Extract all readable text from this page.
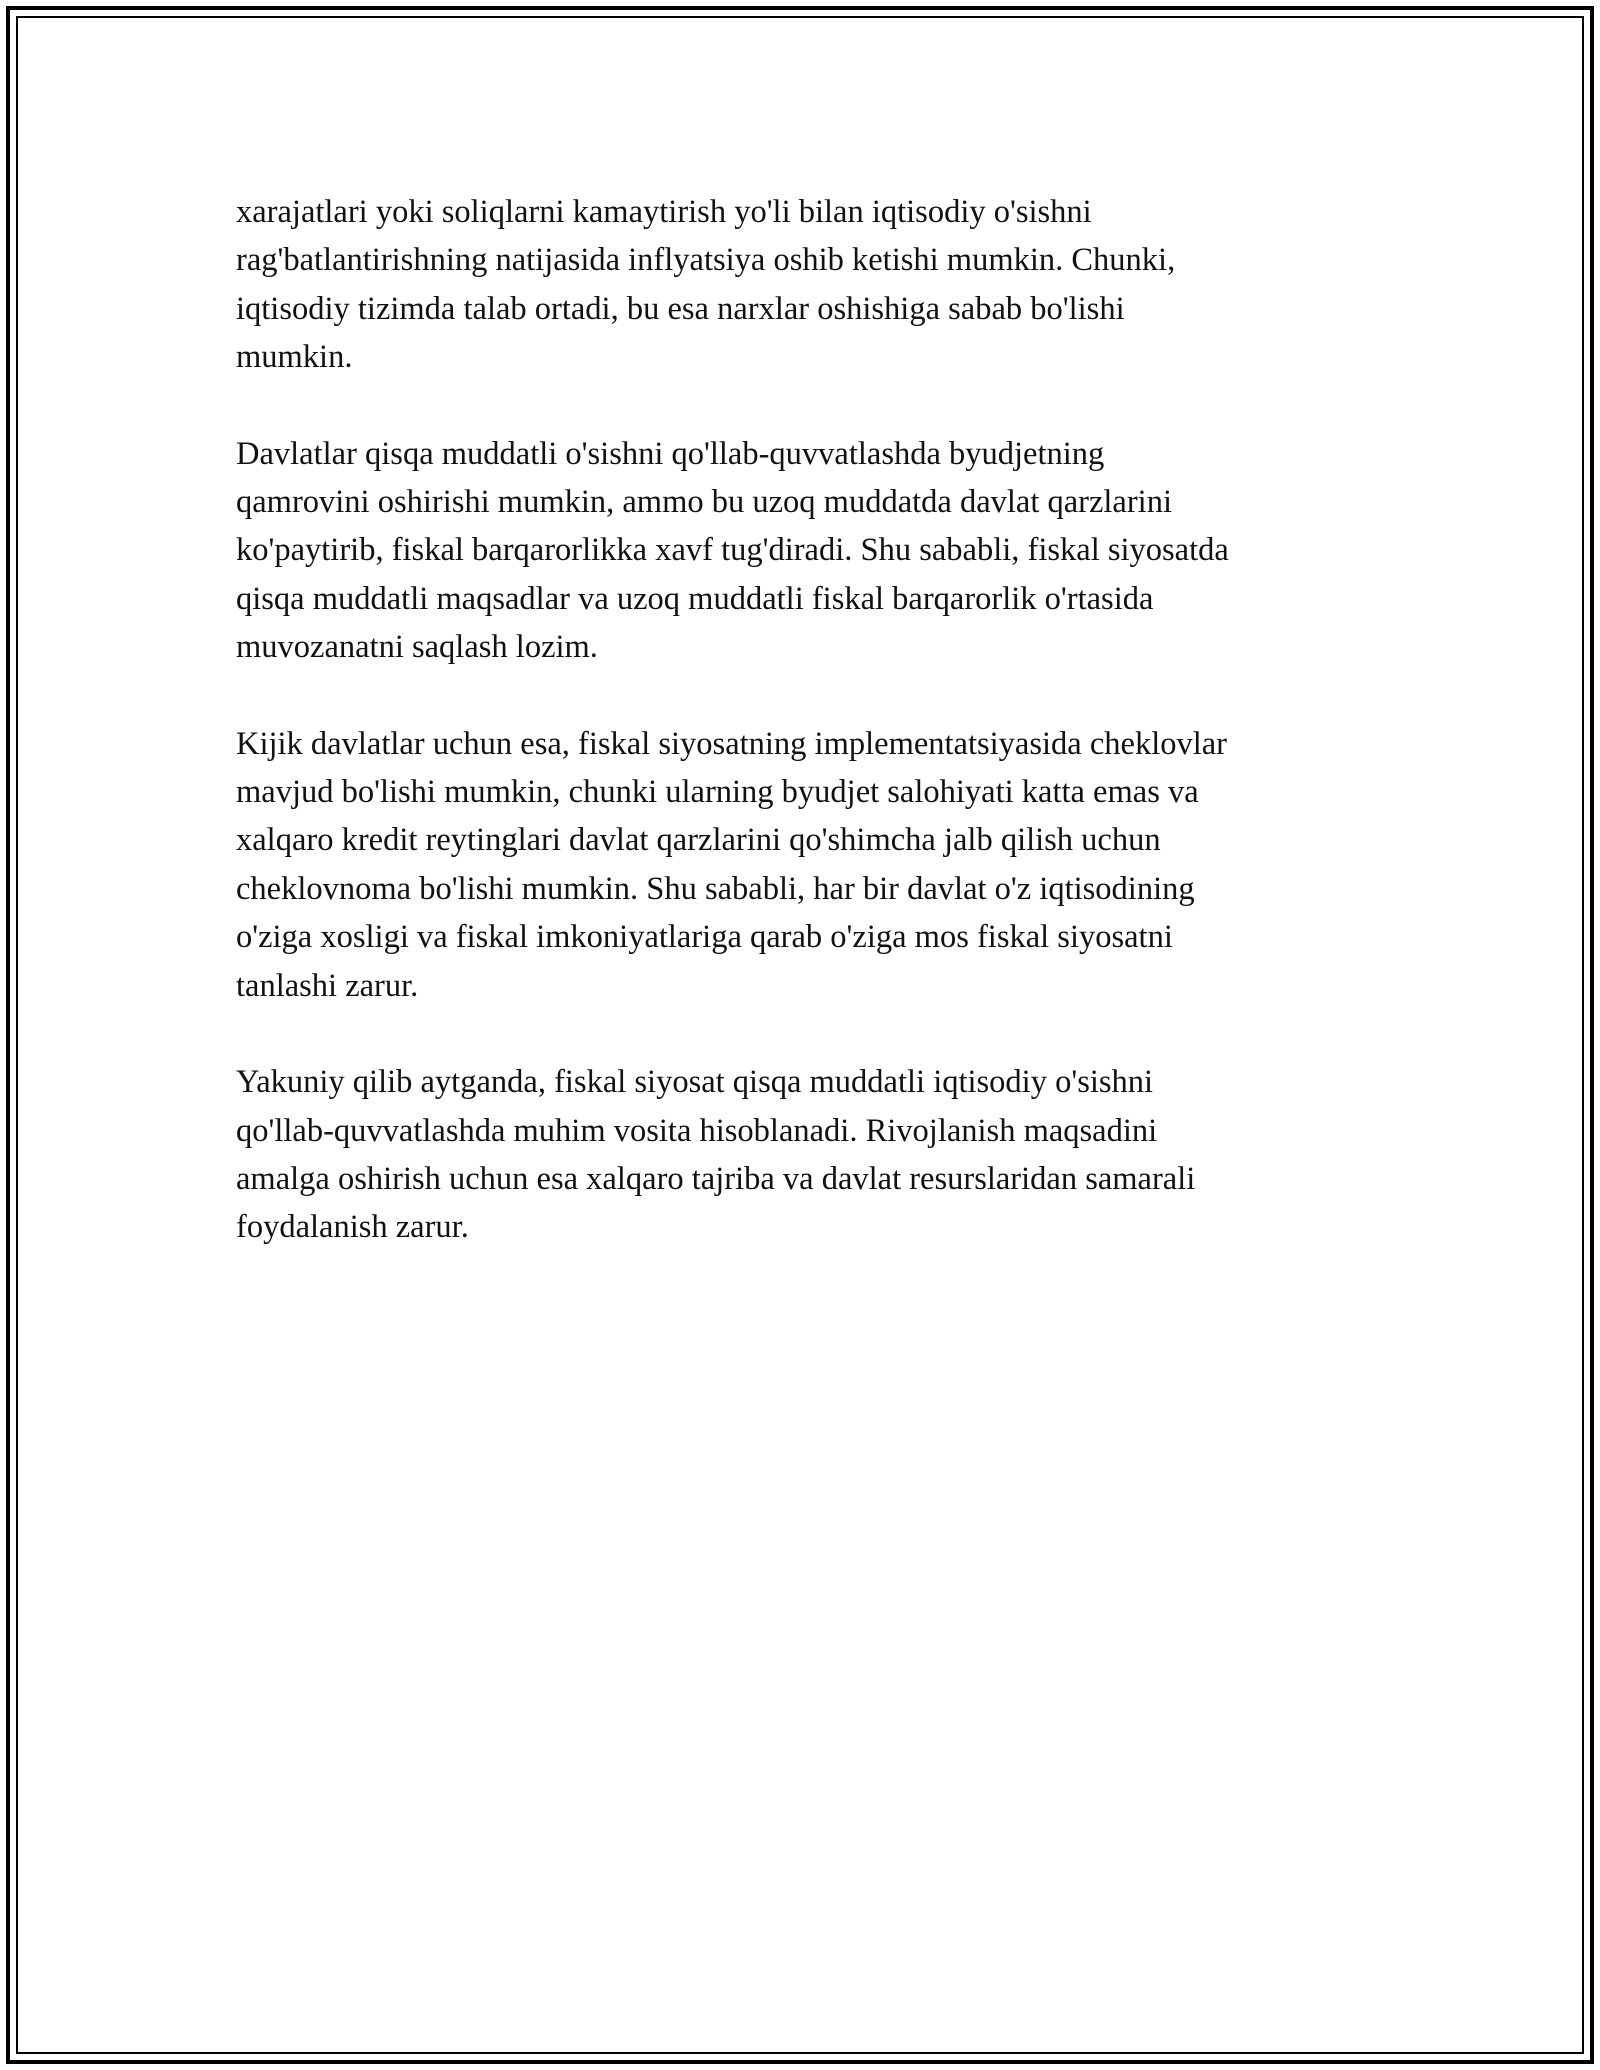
xarajatlari yoki soliqlarni kamaytirish yo'li bilan iqtisodiy o'sishni
rag'batlantirishning natijasida inflyatsiya oshib ketishi mumkin. Chunki,
iqtisodiy tizimda talab ortadi, bu esa narxlar oshishiga sabab bo'lishi
mumkin.

Davlatlar qisqa muddatli o'sishni qo'llab-quvvatlashda byudjetning
qamrovini oshirishi mumkin, ammo bu uzoq muddatda davlat qarzlarini
ko'paytirib, fiskal barqarorlikka xavf tug'diradi. Shu sababli, fiskal siyosatda
qisqa muddatli maqsadlar va uzoq muddatli fiskal barqarorlik o'rtasida
muvozanatni saqlash lozim.

Kijik davlatlar uchun esa, fiskal siyosatning implementatsiyasida cheklovlar
mavjud bo'lishi mumkin, chunki ularning byudjet salohiyati katta emas va
xalqaro kredit reytinglari davlat qarzlarini qo'shimcha jalb qilish uchun
cheklovnoma bo'lishi mumkin. Shu sababli, har bir davlat o'z iqtisodining
o'ziga xosligi va fiskal imkoniyatlariga qarab o'ziga mos fiskal siyosatni
tanlashi zarur.

Yakuniy qilib aytganda, fiskal siyosat qisqa muddatli iqtisodiy o'sishni
qo'llab-quvvatlashda muhim vosita hisoblanadi. Rivojlanish maqsadini
amalga oshirish uchun esa xalqaro tajriba va davlat resurslaridan samarali
foydalanish zarur.
